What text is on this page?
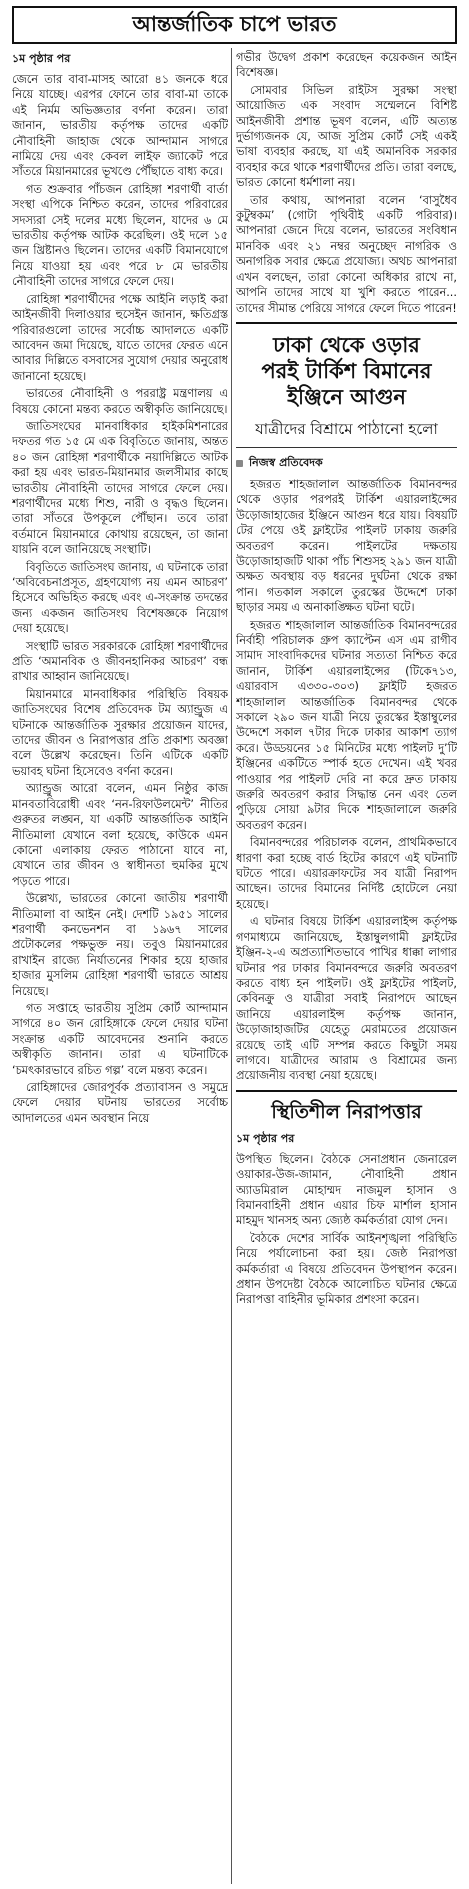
আন্তর্জাতিক চাপে ভারত
১ম পৃষ্ঠার পর

জেনে তার বাবা-মাসহ আরো ৪১ জনকে ধরে নিয়ে যাচ্ছে। এরপর ফোনে তার বাবা-মা তাকে এই নির্মম অভিজ্ঞতার বর্ণনা করেন। তারা জানান, ভারতীয় কর্তৃপক্ষ তাদের একটি নৌবাহিনী জাহাজ থেকে আন্দামান সাগরে নামিয়ে দেয় এবং কেবল লাইফ জ্যাকেট পরে সাঁতরে মিয়ানমারের ভূখণ্ডে পৌঁছাতে বাধ্য করে।

গত শুক্রবার পাঁচজন রোহিঙ্গা শরণার্থী বার্তা সংস্থা এপিকে নিশ্চিত করেন, তাদের পরিবারের সদস্যরা সেই দলের মধ্যে ছিলেন, যাদের ৬ মে ভারতীয় কর্তৃপক্ষ আটক করেছিল। ওই দলে ১৫ জন খ্রিষ্টানও ছিলেন। তাদের একটি বিমানযোগে নিয়ে যাওয়া হয় এবং পরে ৮ মে ভারতীয় নৌবাহিনী তাদের সাগরে ফেলে দেয়।

রোহিঙ্গা শরণার্থীদের পক্ষে আইনি লড়াই করা আইনজীবী দিলাওয়ার হুসেইন জানান, ক্ষতিগ্রস্ত পরিবারগুলো তাদের সর্বোচ্চ আদালতে একটি আবেদন জমা দিয়েছে, যাতে তাদের ফেরত এনে আবার দিল্লিতে বসবাসের সুযোগ দেয়ার অনুরোধ জানানো হয়েছে।

ভারতের নৌবাহিনী ও পররাষ্ট্র মন্ত্রণালয় এ বিষয়ে কোনো মন্তব্য করতে অস্বীকৃতি জানিয়েছে।

জাতিসংঘের মানবাধিকার হাইকমিশনারের দফতর গত ১৫ মে এক বিবৃতিতে জানায়, অন্তত ৪০ জন রোহিঙ্গা শরণার্থীকে নয়াদিল্লিতে আটক করা হয় এবং ভারত-মিয়ানমার জলসীমার কাছে ভারতীয় নৌবাহিনী তাদের সাগরে ফেলে দেয়। শরণার্থীদের মধ্যে শিশু, নারী ও বৃদ্ধও ছিলেন। তারা সাঁতরে উপকূলে পৌঁছান। তবে তারা বর্তমানে মিয়ানমারে কোথায় রয়েছেন, তা জানা যায়নি বলে জানিয়েছে সংস্থাটি।

বিবৃতিতে জাতিসংঘ জানায়, এ ঘটনাকে তারা ‘অবিবেচনাপ্রসূত, গ্রহণযোগ্য নয় এমন আচরণ’ হিসেবে অভিহিত করছে এবং এ-সংক্রান্ত তদন্তের জন্য একজন জাতিসংঘ বিশেষজ্ঞকে নিয়োগ দেয়া হয়েছে।

সংস্থাটি ভারত সরকারকে রোহিঙ্গা শরণার্থীদের প্রতি ‘অমানবিক ও জীবনহানিকর আচরণ’ বন্ধ রাখার আহ্বান জানিয়েছে।

মিয়ানমারে মানবাধিকার পরিস্থিতি বিষয়ক জাতিসংঘের বিশেষ প্রতিবেদক টম অ্যান্ড্রুজ এ ঘটনাকে আন্তর্জাতিক সুরক্ষার প্রয়োজন যাদের, তাদের জীবন ও নিরাপত্তার প্রতি প্রকাশ্য অবজ্ঞা বলে উল্লেখ করেছেন। তিনি এটিকে একটি ভয়াবহ ঘটনা হিসেবেও বর্ণনা করেন।

অ্যান্ড্রুজ আরো বলেন, এমন নিষ্ঠুর কাজ মানবতাবিরোধী এবং ‘নন-রিফাউলমেন্ট’ নীতির গুরুতর লঙ্ঘন, যা একটি আন্তর্জাতিক আইনি নীতিমালা যেখানে বলা হয়েছে, কাউকে এমন কোনো এলাকায় ফেরত পাঠানো যাবে না, যেখানে তার জীবন ও স্বাধীনতা হুমকির মুখে পড়তে পারে।

উল্লেখ্য, ভারতের কোনো জাতীয় শরণার্থী নীতিমালা বা আইন নেই। দেশটি ১৯৫১ সালের শরণার্থী কনভেনশন বা ১৯৬৭ সালের প্রটোকলের পক্ষভুক্ত নয়। তবুও মিয়ানমারের রাখাইন রাজ্যে নির্যাতনের শিকার হয়ে হাজার হাজার মুসলিম রোহিঙ্গা শরণার্থী ভারতে আশ্রয় নিয়েছে।

গত সপ্তাহে ভারতীয় সুপ্রিম কোর্ট আন্দামান সাগরে ৪০ জন রোহিঙ্গাকে ফেলে দেয়ার ঘটনা সংক্রান্ত একটি আবেদনের শুনানি করতে অস্বীকৃতি জানান। তারা এ ঘটনাটিকে ‘চমৎকারভাবে রচিত গল্প’ বলে মন্তব্য করেন।

রোহিঙ্গাদের জোরপূর্বক প্রত্যাবাসন ও সমুদ্রে ফেলে দেয়ার ঘটনায় ভারতের সর্বোচ্চ আদালতের এমন অবস্থান নিয়ে

গভীর উদ্বেগ প্রকাশ করেছেন কয়েকজন আইন বিশেষজ্ঞ।

সোমবার সিভিল রাইটস সুরক্ষা সংস্থা আয়োজিত এক সংবাদ সম্মেলনে বিশিষ্ট আইনজীবী প্রশান্ত ভূষণ বলেন, এটি অত্যন্ত দুর্ভাগ্যজনক যে, আজ সুপ্রিম কোর্ট সেই একই ভাষা ব্যবহার করছে, যা এই অমানবিক সরকার ব্যবহার করে থাকে শরণার্থীদের প্রতি। তারা বলছে, ভারত কোনো ধর্মশালা নয়।

তার কথায়, আপনারা বলেন ‘বাসুধৈব কুটুম্বকম’ (গোটা পৃথিবীই একটি পরিবার)। আপনারা জেনে দিয়ে বলেন, ভারতের সংবিধান মানবিক এবং ২১ নম্বর অনুচ্ছেদ নাগরিক ও অনাগরিক সবার ক্ষেত্রে প্রযোজ্য। অথচ আপনারা এখন বলছেন, তারা কোনো অধিকার রাখে না, আপনি তাদের সাথে যা খুশি করতে পারেন... তাদের সীমান্ত পেরিয়ে সাগরে ফেলে দিতে পারেন!

ঢাকা থেকে ওড়ার
পরই টার্কিশ বিমানের
ইঞ্জিনে আগুন
যাত্রীদের বিশ্রামে পাঠানো হলো
নিজস্ব প্রতিবেদক

হজরত শাহজালাল আন্তর্জাতিক বিমানবন্দর থেকে ওড়ার পরপরই টার্কিশ এয়ারলাইন্সের উড়োজাহাজের ইঞ্জিনে আগুন ধরে যায়। বিষয়টি টের পেয়ে ওই ফ্লাইটের পাইলট ঢাকায় জরুরি অবতরণ করেন। পাইলটের দক্ষতায় উড়োজাহাজটি থাকা পাঁচ শিশুসহ ২৯১ জন যাত্রী অক্ষত অবস্থায় বড় ধরনের দুর্ঘটনা থেকে রক্ষা পান। গতকাল সকালে তুরস্কের উদ্দেশে ঢাকা ছাড়ার সময় এ অনাকাঙ্ক্ষিত ঘটনা ঘটে।

হজরত শাহজালাল আন্তর্জাতিক বিমানবন্দরের নির্বাহী পরিচালক গ্রুপ ক্যাপ্টেন এস এম রাগীব সামাদ সাংবাদিকদের ঘটনার সত্যতা নিশ্চিত করে জানান, টার্কিশ এয়ারলাইন্সের (টিকে৭১৩, এয়ারবাস এ৩৩০-৩০৩) ফ্লাইটি হজরত শাহজালাল আন্তর্জাতিক বিমানবন্দর থেকে সকালে ২৯০ জন যাত্রী নিয়ে তুরস্কের ইস্তাম্বুলের উদ্দেশে সকাল ৭টার দিকে ঢাকার আকাশ ত্যাগ করে। উড্ডয়নের ১৫ মিনিটের মধ্যে পাইলট দু’টি ইঞ্জিনের একটিতে স্পার্ক হতে দেখেন। এই খবর পাওয়ার পর পাইলট দেরি না করে দ্রুত ঢাকায় জরুরি অবতরণ করার সিদ্ধান্ত নেন এবং তেল পুড়িয়ে সোয়া ৯টার দিকে শাহজালালে জরুরি অবতরণ করেন।

বিমানবন্দরের পরিচালক বলেন, প্রাথমিকভাবে ধারণা করা হচ্ছে বার্ড হিটের কারণে এই ঘটনাটি ঘটতে পারে। এয়ারক্রাফটের সব যাত্রী নিরাপদ আছেন। তাদের বিমানের নির্দিষ্ট হোটেলে নেয়া হয়েছে।

এ ঘটনার বিষয়ে টার্কিশ এয়ারলাইন্স কর্তৃপক্ষ গণমাধ্যমে জানিয়েছে, ইস্তাম্বুলগামী ফ্লাইটের ইঞ্জিন-২-এ অপ্রত্যাশিতভাবে পাখির ধাক্কা লাগার ঘটনার পর ঢাকার বিমানবন্দরে জরুরি অবতরণ করতে বাধ্য হন পাইলট। ওই ফ্লাইটের পাইলট, কেবিনক্রু ও যাত্রীরা সবাই নিরাপদে আছেন জানিয়ে এয়ারলাইন্স কর্তৃপক্ষ জানান, উড়োজাহাজটির যেহেতু মেরামতের প্রয়োজন রয়েছে তাই এটি সম্পন্ন করতে কিছুটা সময় লাগবে। যাত্রীদের আরাম ও বিশ্রামের জন্য প্রয়োজনীয় ব্যবস্থা নেয়া হয়েছে।

স্থিতিশীল নিরাপত্তার
১ম পৃষ্ঠার পর

উপস্থিত ছিলেন। বৈঠকে সেনাপ্রধান জেনারেল ওয়াকার-উজ-জামান, নৌবাহিনী প্রধান অ্যাডমিরাল মোহাম্মদ নাজমুল হাসান ও বিমানবাহিনী প্রধান এয়ার চিফ মার্শাল হাসান মাহমুদ খানসহ অন্য জ্যেষ্ঠ কর্মকর্তারা যোগ দেন।

বৈঠকে দেশের সার্বিক আইনশৃঙ্খলা পরিস্থিতি নিয়ে পর্যালোচনা করা হয়। জেষ্ঠ নিরাপত্তা কর্মকর্তারা এ বিষয়ে প্রতিবেদন উপস্থাপন করেন। প্রধান উপদেষ্টা বৈঠকে আলোচিত ঘটনার ক্ষেত্রে নিরাপত্তা বাহিনীর ভূমিকার প্রশংসা করেন।
